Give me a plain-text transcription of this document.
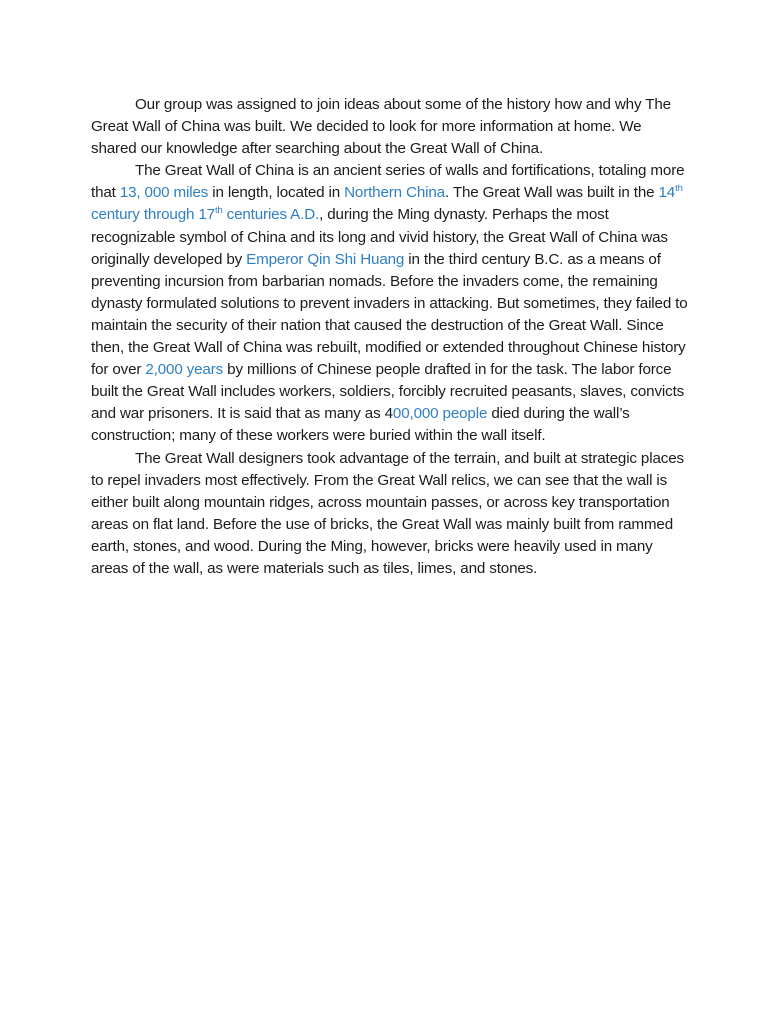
Our group was assigned to join ideas about some of the history how and why The Great Wall of China was built. We decided to look for more information at home. We shared our knowledge after searching about the Great Wall of China.

The Great Wall of China is an ancient series of walls and fortifications, totaling more that 13, 000 miles in length, located in Northern China. The Great Wall was built in the 14th century through 17th centuries A.D., during the Ming dynasty. Perhaps the most recognizable symbol of China and its long and vivid history, the Great Wall of China was originally developed by Emperor Qin Shi Huang in the third century B.C. as a means of preventing incursion from barbarian nomads. Before the invaders come, the remaining dynasty formulated solutions to prevent invaders in attacking. But sometimes, they failed to maintain the security of their nation that caused the destruction of the Great Wall. Since then, the Great Wall of China was rebuilt, modified or extended throughout Chinese history for over 2,000 years by millions of Chinese people drafted in for the task. The labor force built the Great Wall includes workers, soldiers, forcibly recruited peasants, slaves, convicts and war prisoners. It is said that as many as 400,000 people died during the wall’s construction; many of these workers were buried within the wall itself.

The Great Wall designers took advantage of the terrain, and built at strategic places to repel invaders most effectively. From the Great Wall relics, we can see that the wall is either built along mountain ridges, across mountain passes, or across key transportation areas on flat land. Before the use of bricks, the Great Wall was mainly built from rammed earth, stones, and wood. During the Ming, however, bricks were heavily used in many areas of the wall, as were materials such as tiles, limes, and stones.
